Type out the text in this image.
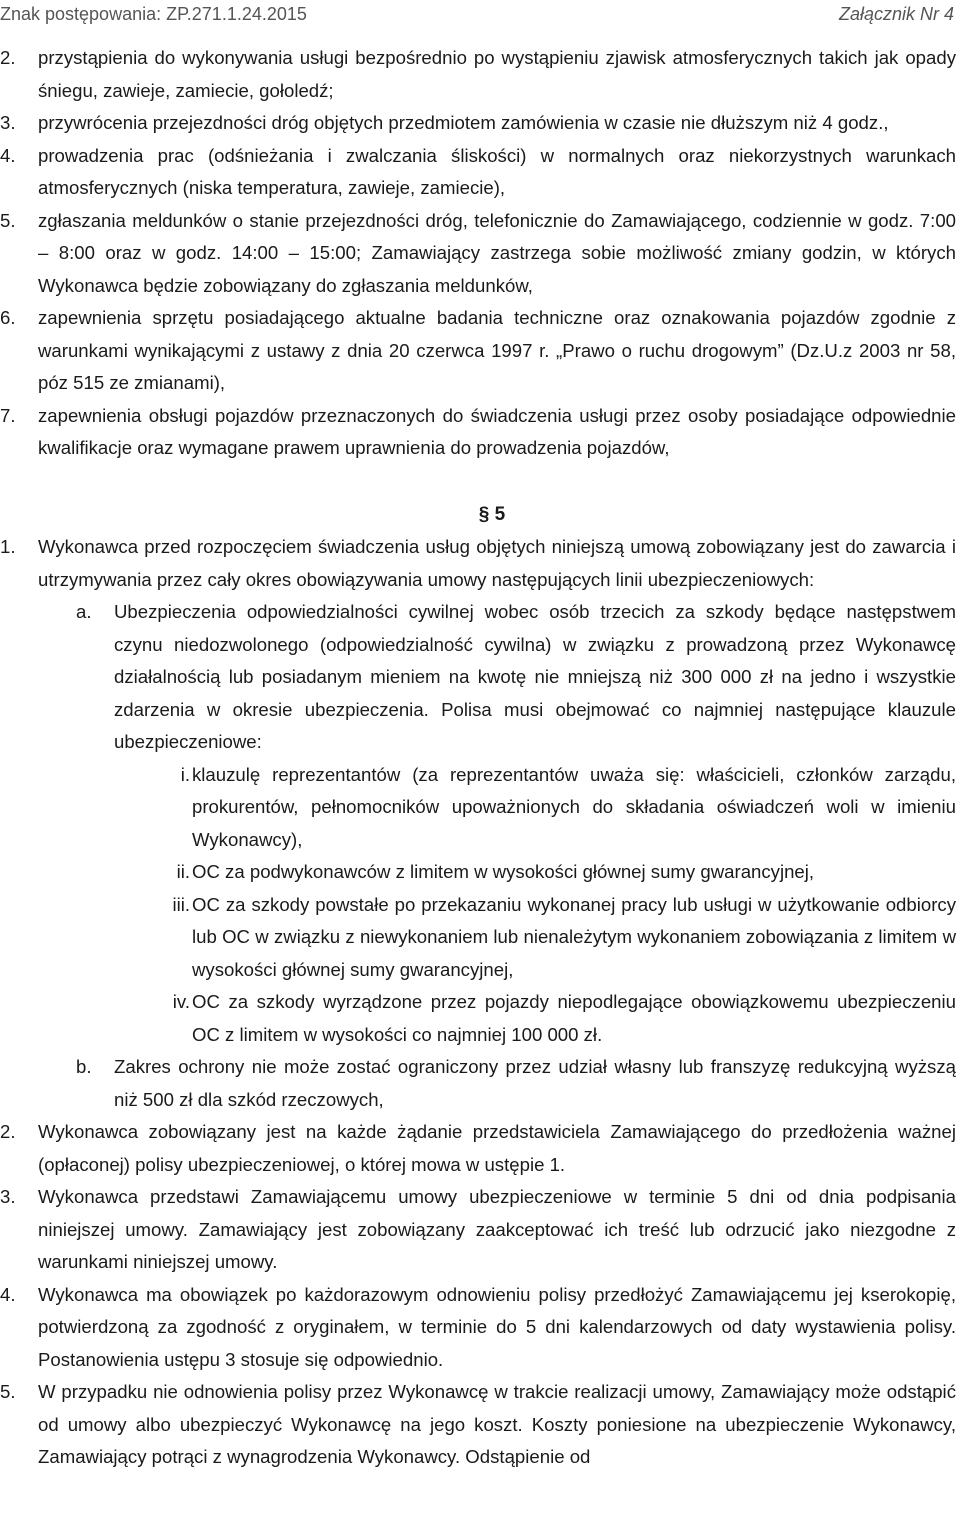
Znak postępowania: ZP.271.1.24.2015	Załącznik Nr 4
2.	przystąpienia do wykonywania usługi bezpośrednio po wystąpieniu zjawisk atmosferycznych takich jak opady śniegu, zawieje, zamiecie, gołoledź;
3.	przywrócenia przejezdności dróg objętych przedmiotem zamówienia w czasie nie dłuższym niż 4 godz.,
4.	prowadzenia prac (odśnieżania i zwalczania śliskości) w normalnych oraz niekorzystnych warunkach atmosferycznych (niska temperatura, zawieje, zamiecie),
5.	zgłaszania meldunków o stanie przejezdności dróg, telefonicznie do Zamawiającego, codziennie w godz. 7:00 – 8:00 oraz w godz. 14:00 – 15:00; Zamawiający zastrzega sobie możliwość zmiany godzin, w których Wykonawca będzie zobowiązany do zgłaszania meldunków,
6.	zapewnienia sprzętu posiadającego aktualne badania techniczne oraz oznakowania pojazdów zgodnie z warunkami wynikającymi z ustawy z dnia 20 czerwca 1997 r. „Prawo o ruchu drogowym” (Dz.U.z 2003 nr 58, póz 515 ze zmianami),
7.	zapewnienia obsługi pojazdów przeznaczonych do świadczenia usługi przez osoby posiadające odpowiednie kwalifikacje oraz wymagane prawem uprawnienia do prowadzenia pojazdów,
§ 5
1.	Wykonawca przed rozpoczęciem świadczenia usług objętych niniejszą umową zobowiązany jest do zawarcia i utrzymywania przez cały okres obowiązywania umowy następujących linii ubezpieczeniowych:
a.	Ubezpieczenia odpowiedzialności cywilnej wobec osób trzecich za szkody będące następstwem czynu niedozwolonego (odpowiedzialność cywilna) w związku z prowadzoną przez Wykonawcę działalnością lub posiadanym mieniem na kwotę nie mniejszą niż 300 000 zł na jedno i wszystkie zdarzenia w okresie ubezpieczenia. Polisa musi obejmować co najmniej następujące klauzule ubezpieczeniowe:
i. klauzulę reprezentantów (za reprezentantów uważa się: właścicieli, członków zarządu, prokurentów, pełnomocników upoważnionych do składania oświadczeń woli w imieniu Wykonawcy),
ii. OC za podwykonawców z limitem w wysokości głównej sumy gwarancyjnej,
iii. OC za szkody powstałe po przekazaniu wykonanej pracy lub usługi w użytkowanie odbiorcy lub OC w związku z niewykonaniem lub nienależytym wykonaniem zobowiązania z limitem w wysokości głównej sumy gwarancyjnej,
iv. OC za szkody wyrządzone przez pojazdy niepodlegające obowiązkowemu ubezpieczeniu OC z limitem w wysokości co najmniej 100 000 zł.
b.	Zakres ochrony nie może zostać ograniczony przez udział własny lub franszyzę redukcyjną wyższą niż 500 zł dla szkód rzeczowych,
2.	Wykonawca zobowiązany jest na każde żądanie przedstawiciela Zamawiającego do przedłożenia ważnej (opłaconej) polisy ubezpieczeniowej, o której mowa w ustępie 1.
3.	Wykonawca przedstawi Zamawiającemu umowy ubezpieczeniowe w terminie 5 dni od dnia podpisania niniejszej umowy. Zamawiający jest zobowiązany zaakceptować ich treść lub odrzucić jako niezgodne z warunkami niniejszej umowy.
4.	Wykonawca ma obowiązek po każdorazowym odnowieniu polisy przedłożyć Zamawiającemu jej kserokopię, potwierdzoną za zgodność z oryginałem, w terminie do 5 dni kalendarzowych od daty wystawienia polisy. Postanowienia ustępu 3 stosuje się odpowiednio.
5.	W przypadku nie odnowienia polisy przez Wykonawcę w trakcie realizacji umowy, Zamawiający może odstąpić od umowy albo ubezpieczyć Wykonawcę na jego koszt. Koszty poniesione na ubezpieczenie Wykonawcy, Zamawiający potrąci z wynagrodzenia Wykonawcy. Odstąpienie od
